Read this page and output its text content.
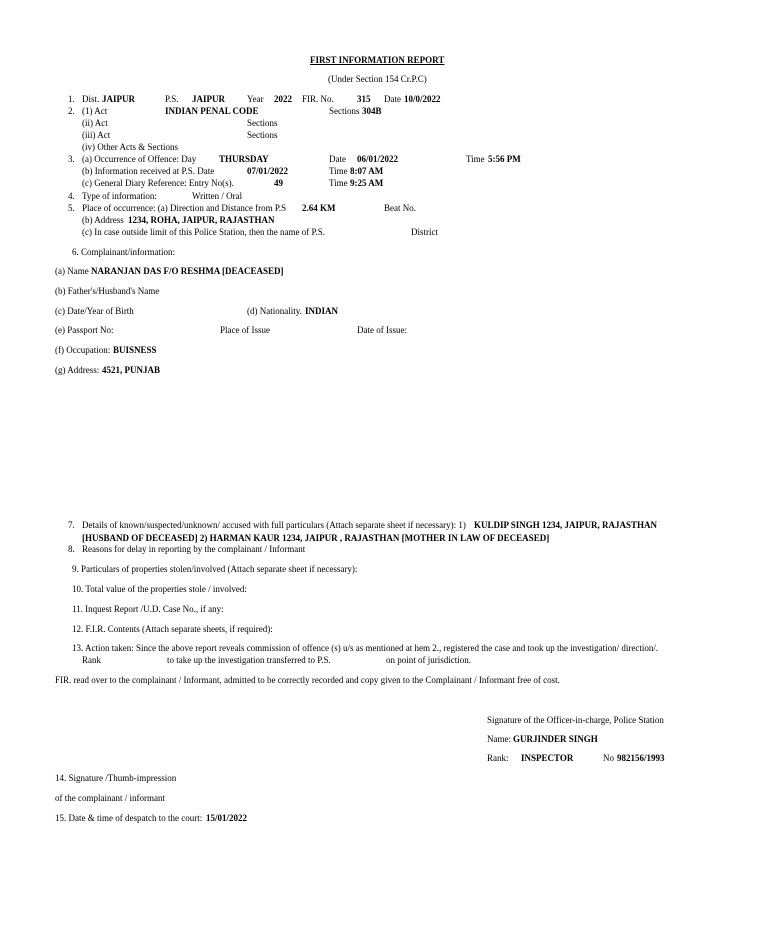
FIRST INFORMATION REPORT
(Under Section 154 Cr.P.C)
1. Dist. JAIPUR	P.S. JAIPUR Year 2022 FIR. No.	315 Date 10/0/2022
2. (1) Act	INDIAN PENAL CODE	Sections 304B
(ii) Act	Sections
(iii) Act	Sections
(iv) Other Acts & Sections
3. (a) Occurrence of Offence: Day	THURSDAY	Date 06/01/2022	Time 5:56 PM
(b) Information received at P.S. Date	07/01/2022	Time 8:07 AM
(c) General Diary Reference: Entry No(s).	49	Time 9:25 AM
4. Type of information:	Written / Oral
5. Place of occurrence: (a) Direction and Distance from P.S 2.64 KM	Beat No.
(b) Address 1234, ROHA, JAIPUR, RAJASTHAN
(c) In case outside limit of this Police Station, then the name of P.S.	District
6. Complainant/information:
(a) Name NARANJAN DAS F/O RESHMA [DEACEASED]
(b) Father's/Husband's Name
(c) Date/Year of Birth	(d) Nationality. INDIAN
(e) Passport No:	Place of Issue	Date of Issue:
(f) Occupation: BUISNESS
(g) Address: 4521, PUNJAB
7. Details of known/suspected/unknown/ accused with full particulars (Attach separate sheet if necessary): 1) KULDIP SINGH 1234, JAIPUR, RAJASTHAN
[HUSBAND OF DECEASED] 2) HARMAN KAUR 1234, JAIPUR , RAJASTHAN [MOTHER IN LAW OF DECEASED]
8. Reasons for delay in reporting by the complainant / Informant
9. Particulars of properties stolen/involved (Attach separate sheet if necessary):
10. Total value of the properties stole / involved:
11. Inquest Report /U.D. Case No., if any:
12. F.I.R. Contents (Attach separate sheets, if required):
13. Action taken: Since the above report reveals commission of offence (s) u/s as mentioned at hem 2., registered the case and took up the investigation/ direction/.
Rank	to take up the investigation transferred to P.S.	on point of jurisdiction.
FIR. read over to the complainant / Informant, admitted to be correctly recorded and copy given to the Complainant / Informant free of cost.
Signature of the Officer-in-charge, Police Station
Name: GURJINDER SINGH
Rank: INSPECTOR	No 982156/1993
14. Signature /Thumb-impression
of the complainant / informant
15. Date & time of despatch to the court: 15/01/2022
